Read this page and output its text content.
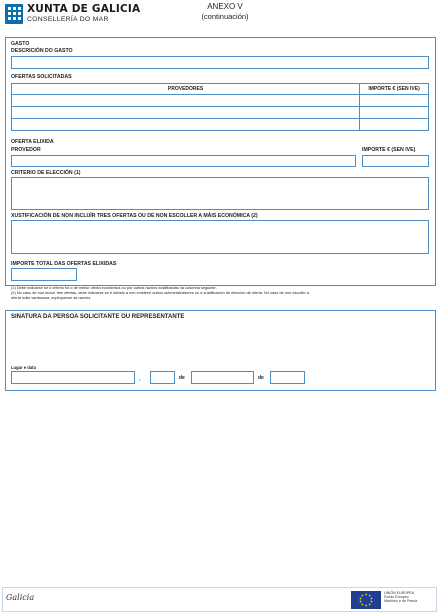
XUNTA DE GALICIA
CONSELLERÍA DO MAR
ANEXO V
(continuación)
GASTO
DESCRICIÓN DO GASTO
OFERTAS SOLICITADAS
PROVEDORES	IMPORTE € (SEN IVE)

OFERTA ELIXIDA
PROVEDOR	IMPORTE € (SEN IVE)
CRITERIO DE ELECCIÓN (1)
XUSTIFICACIÓN DE NON INCLUÍR TRES OFERTAS OU DE NON ESCOLLER A MÁIS ECONÓMICA (2)
IMPORTE TOTAL DAS OFERTAS ELIXIDAS
(1) Debe indicarse se o criterio foi o de mellor oferta económica ou por outras razóns xustificadas na columna seguinte.
(2) No caso de non incluír tres ofertas, debe indicarse se é debido a non existiren outros subministradores ou a xustificación de elección de oferta. No caso de non escoller a
oferta máis vantaxosa, explíquense as razóns.
SINATURA DA PERSOA SOLICITANTE OU REPRESENTANTE
Lugar e data
,	de	de
Galicia	UNIÓN EUROPEA
Fondo Europeo
Marítimo e de Pesca
